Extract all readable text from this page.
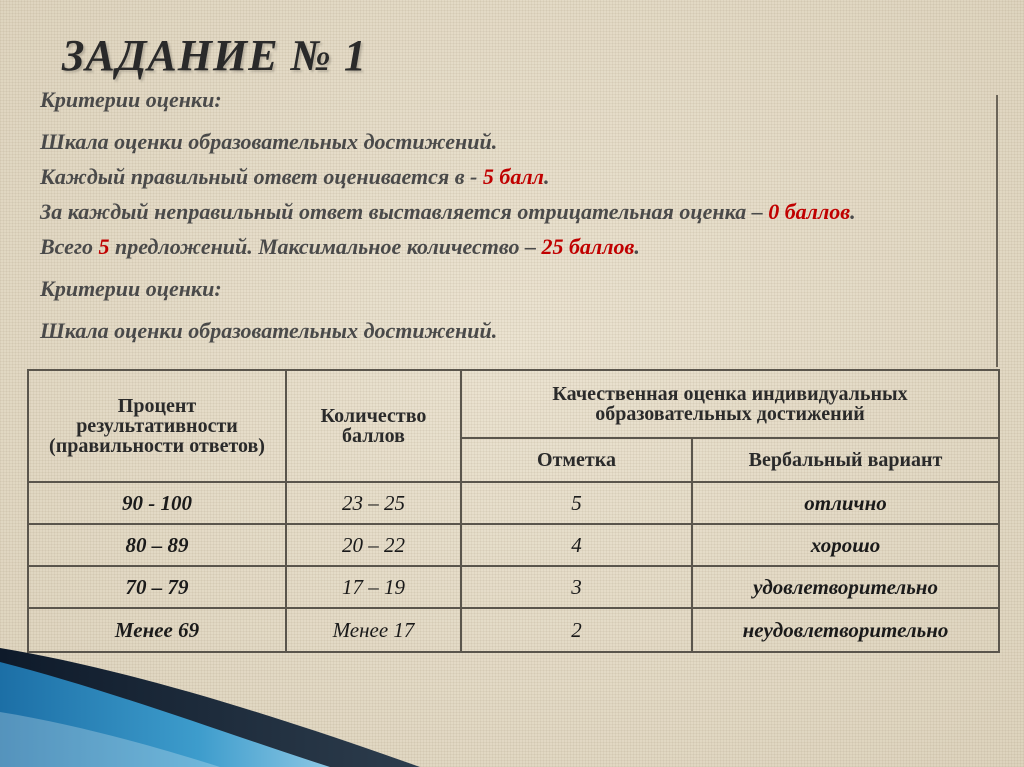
ЗАДАНИЕ № 1

Критерии оценки:

Шкала оценки образовательных достижений.

Каждый правильный ответ оценивается в - 5 балл.

За каждый неправильный ответ выставляется отрицательная оценка – 0 баллов.

Всего 5 предложений. Максимальное количество – 25 баллов.

Критерии оценки:

Шкала оценки образовательных достижений.

Процент результативности (правильности ответов)	Количество баллов	Качественная оценка индивидуальных образовательных достижений	
		Отметка	Вербальный вариант
90 - 100	23 – 25	5	отлично
80 – 89	20 – 22	4	хорошо
70 – 79	17 – 19	3	удовлетворительно
Менее 69	Менее 17	2	неудовлетворительно
